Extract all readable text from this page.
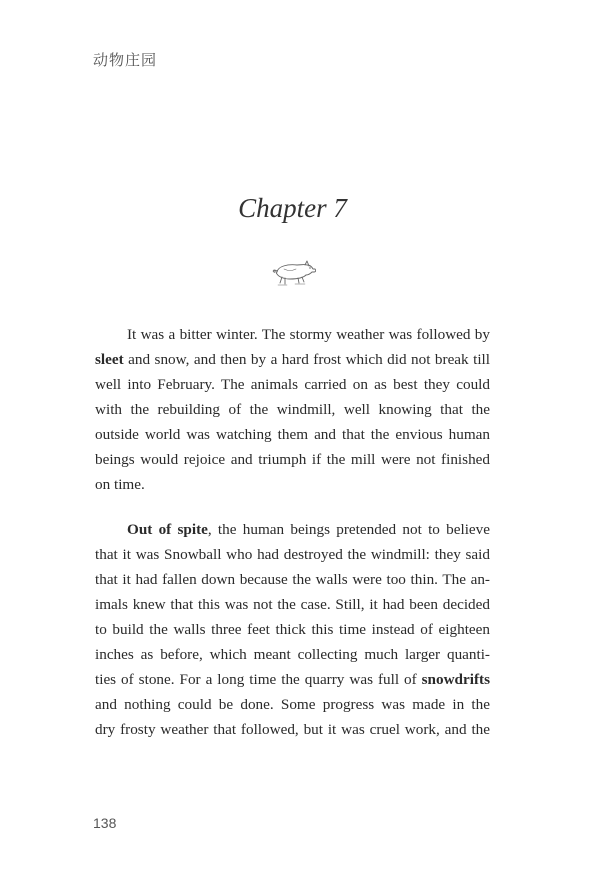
动物庄园
Chapter 7
It was a bitter winter. The stormy weather was followed by
sleet and snow, and then by a hard frost which did not break till
well into February. The animals carried on as best they could
with the rebuilding of the windmill, well knowing that the
outside world was watching them and that the envious human
beings would rejoice and triumph if the mill were not finished
on time.
Out of spite, the human beings pretended not to believe
that it was Snowball who had destroyed the windmill: they said
that it had fallen down because the walls were too thin. The an-
imals knew that this was not the case. Still, it had been decided
to build the walls three feet thick this time instead of eighteen
inches as before, which meant collecting much larger quanti-
ties of stone. For a long time the quarry was full of snowdrifts
and nothing could be done. Some progress was made in the
dry frosty weather that followed, but it was cruel work, and the
138
